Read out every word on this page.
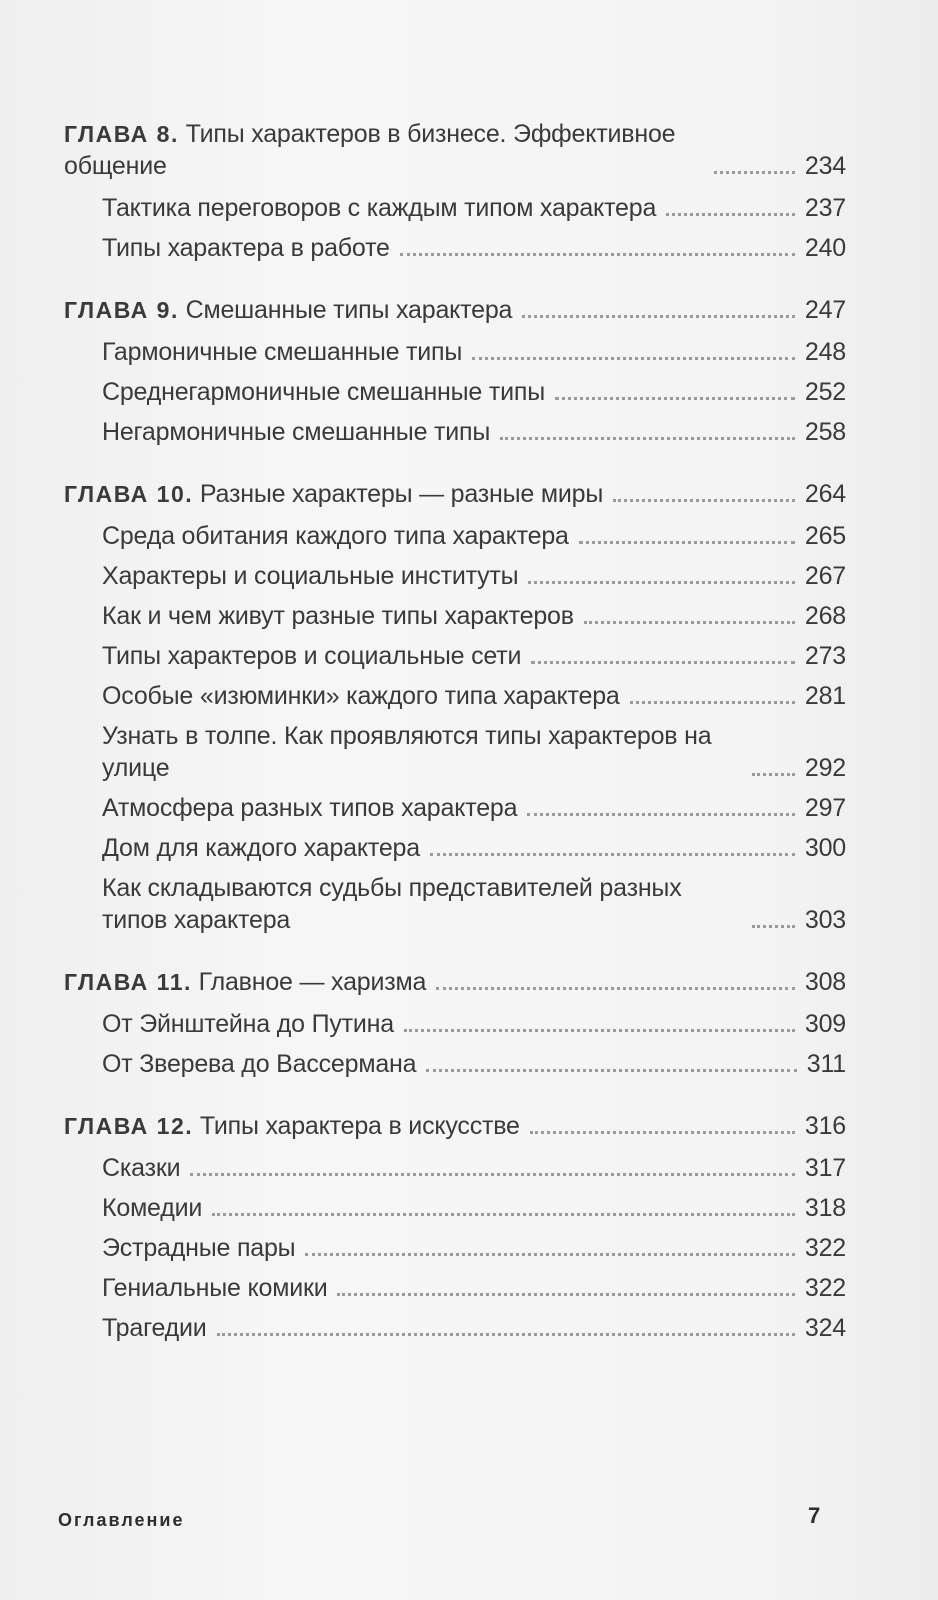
ГЛАВА 8. Типы характеров в бизнесе. Эффективное общение	234
Тактика переговоров с каждым типом характера	237
Типы характера в работе	240
ГЛАВА 9. Смешанные типы характера	247
Гармоничные смешанные типы	248
Среднегармоничные смешанные типы	252
Негармоничные смешанные типы	258
ГЛАВА 10. Разные характеры — разные миры	264
Среда обитания каждого типа характера	265
Характеры и социальные институты	267
Как и чем живут разные типы характеров	268
Типы характеров и социальные сети	273
Особые «изюминки» каждого типа характера	281
Узнать в толпе. Как проявляются типы характеров на улице	292
Атмосфера разных типов характера	297
Дом для каждого характера	300
Как складываются судьбы представителей разных типов характера	303
ГЛАВА 11. Главное — харизма	308
От Эйнштейна до Путина	309
От Зверева до Вассермана	311
ГЛАВА 12. Типы характера в искусстве	316
Сказки	317
Комедии	318
Эстрадные пары	322
Гениальные комики	322
Трагедии	324
Оглавление	7
